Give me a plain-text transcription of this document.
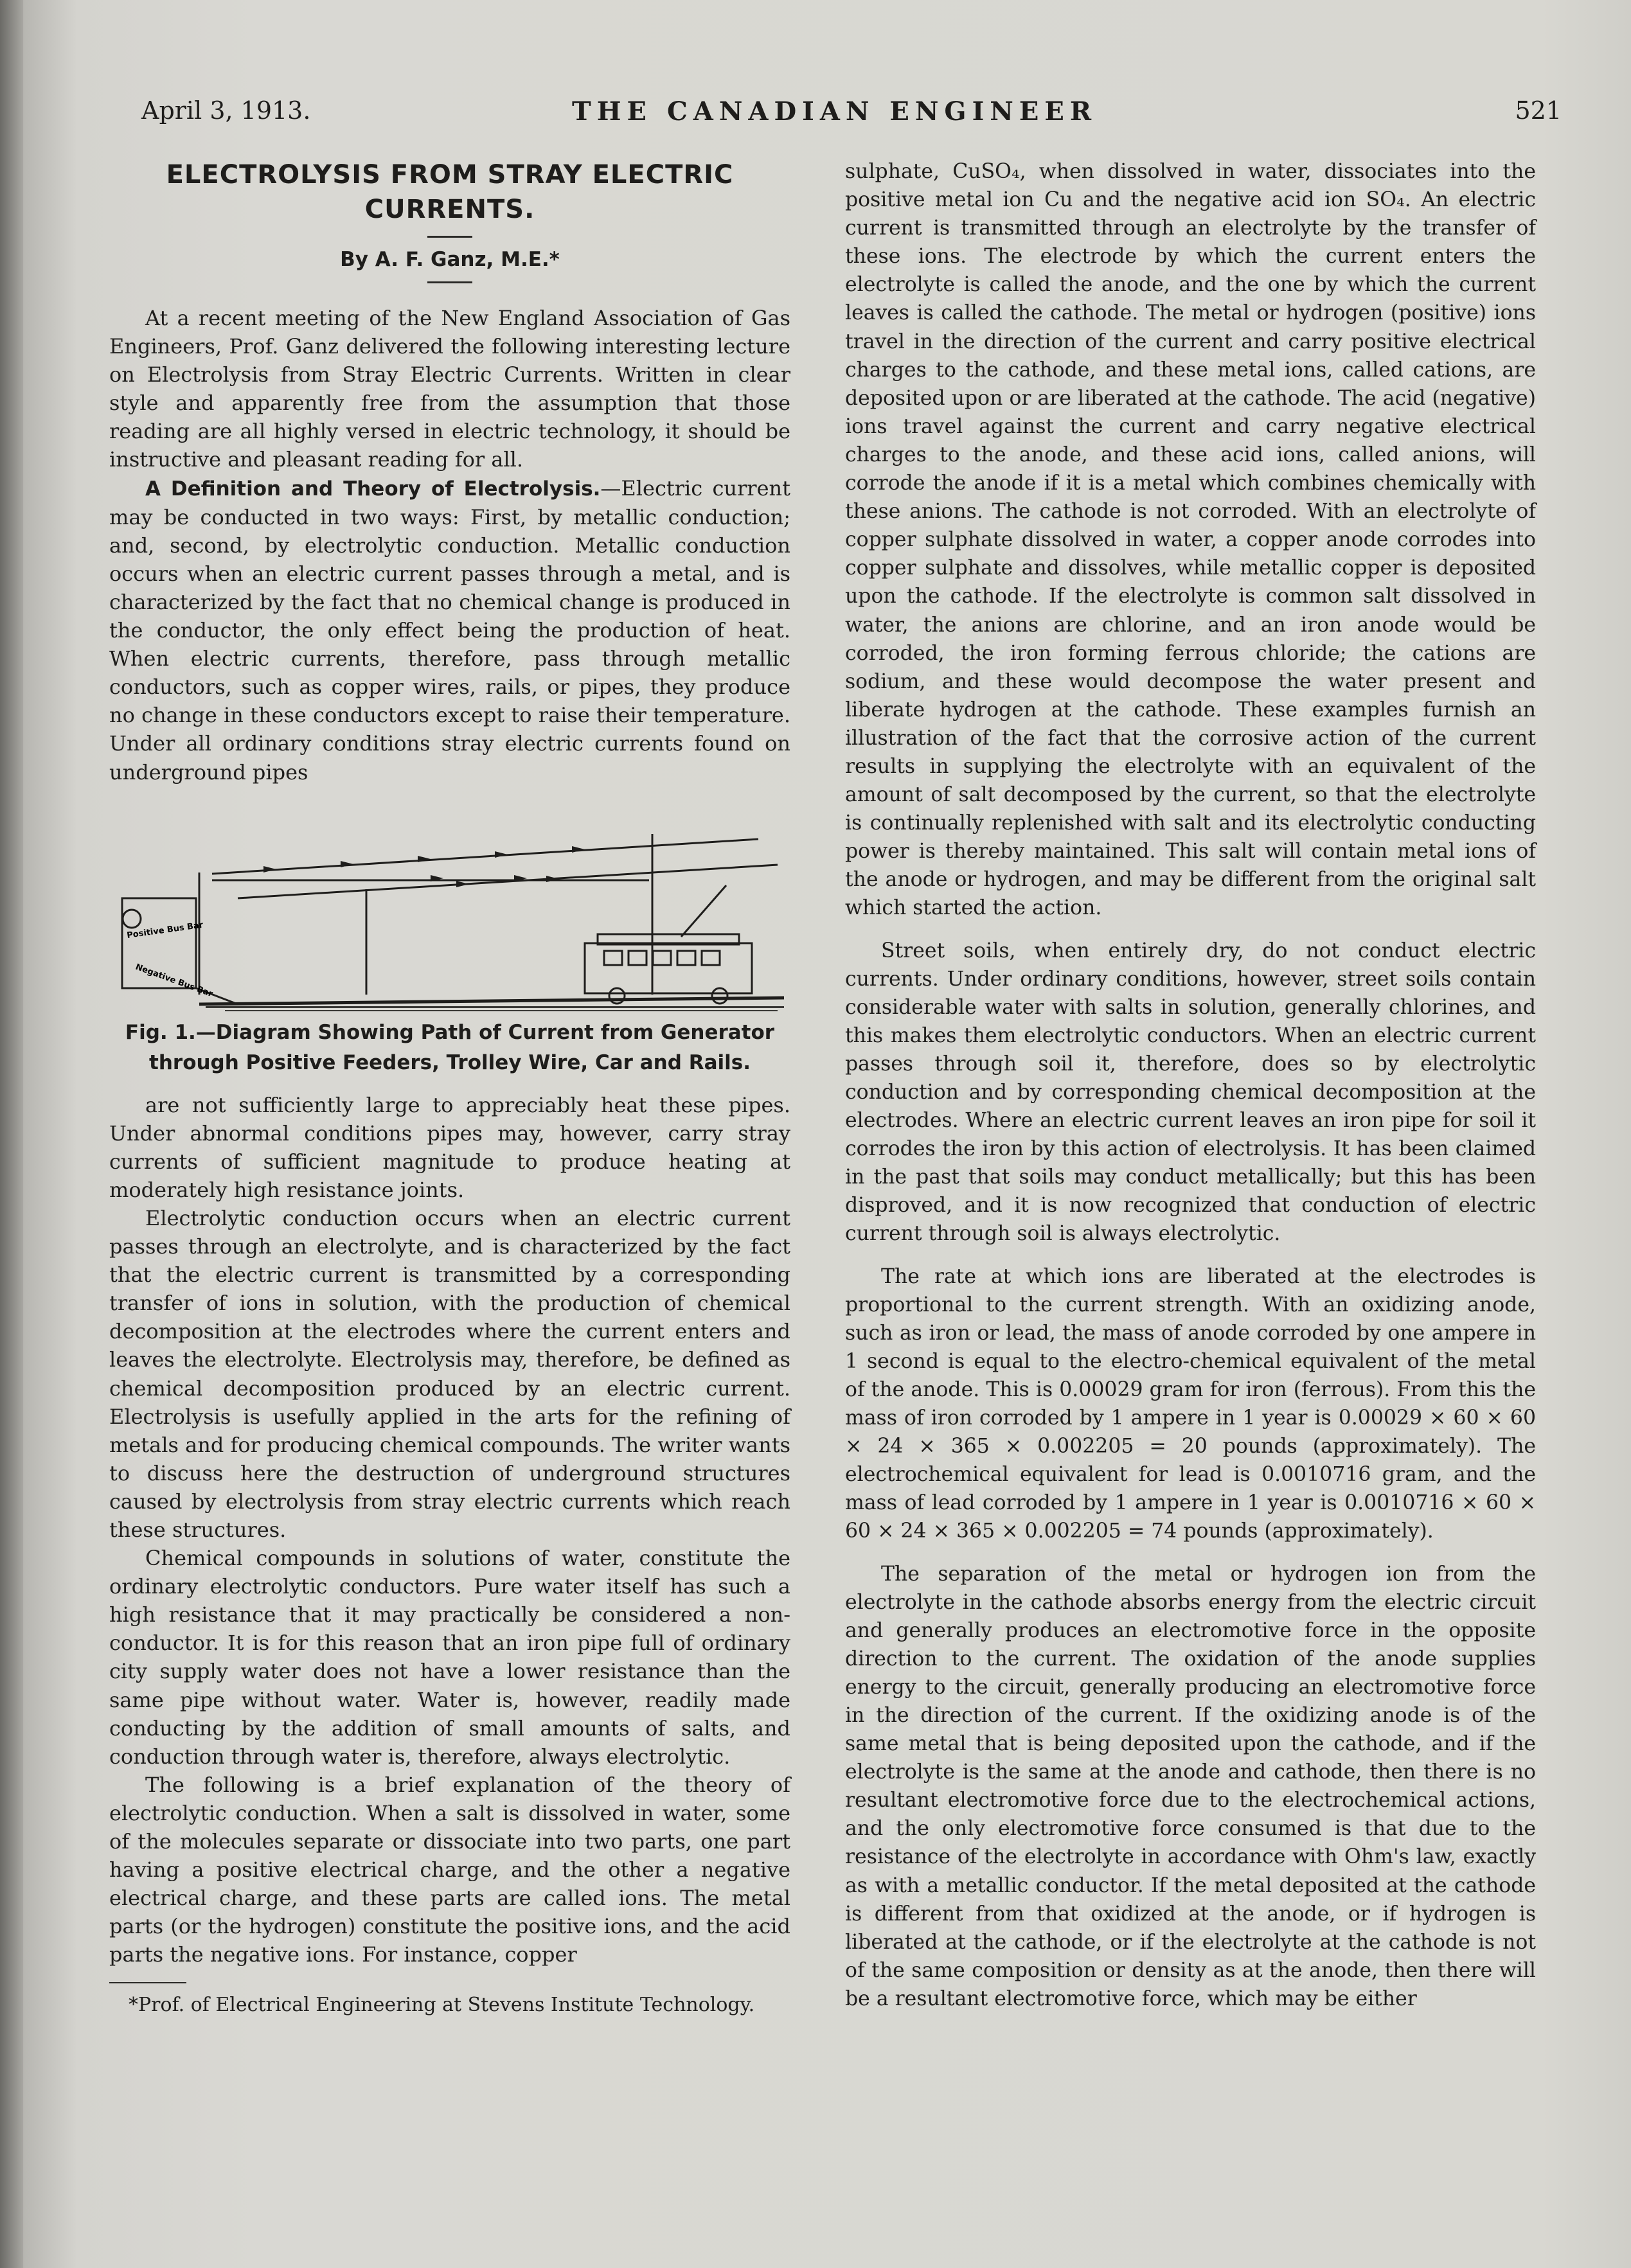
April 3, 1913.	THE CANADIAN ENGINEER	521
ELECTROLYSIS FROM STRAY ELECTRIC
CURRENTS.
By A. F. Ganz, M.E.*

At a recent meeting of the New England Association of Gas Engineers, Prof. Ganz delivered the following interesting lecture on Electrolysis from Stray Electric Currents. Written in clear style and apparently free from the assumption that those reading are all highly versed in electric technology, it should be instructive and pleasant reading for all.

A Definition and Theory of Electrolysis.—Electric current may be conducted in two ways: First, by metallic conduction; and, second, by electrolytic conduction. Metallic conduction occurs when an electric current passes through a metal, and is characterized by the fact that no chemical change is produced in the conductor, the only effect being the production of heat. When electric currents, therefore, pass through metallic conductors, such as copper wires, rails, or pipes, they produce no change in these conductors except to raise their temperature. Under all ordinary conditions stray electric currents found on underground pipes

Positive Bus Bar
Negative Bus Bar
Fig. 1.—Diagram Showing Path of Current from Generator through Positive Feeders, Trolley Wire, Car and Rails.

are not sufficiently large to appreciably heat these pipes. Under abnormal conditions pipes may, however, carry stray currents of sufficient magnitude to produce heating at moderately high resistance joints.

Electrolytic conduction occurs when an electric current passes through an electrolyte, and is characterized by the fact that the electric current is transmitted by a corresponding transfer of ions in solution, with the production of chemical decomposition at the electrodes where the current enters and leaves the electrolyte. Electrolysis may, therefore, be defined as chemical decomposition produced by an electric current. Electrolysis is usefully applied in the arts for the refining of metals and for producing chemical compounds. The writer wants to discuss here the destruction of underground structures caused by electrolysis from stray electric currents which reach these structures.

Chemical compounds in solutions of water, constitute the ordinary electrolytic conductors. Pure water itself has such a high resistance that it may practically be considered a non-conductor. It is for this reason that an iron pipe full of ordinary city supply water does not have a lower resistance than the same pipe without water. Water is, however, readily made conducting by the addition of small amounts of salts, and conduction through water is, therefore, always electrolytic.

The following is a brief explanation of the theory of electrolytic conduction. When a salt is dissolved in water, some of the molecules separate or dissociate into two parts, one part having a positive electrical charge, and the other a negative electrical charge, and these parts are called ions. The metal parts (or the hydrogen) constitute the positive ions, and the acid parts the negative ions. For instance, copper

*Prof. of Electrical Engineering at Stevens Institute Technology.

sulphate, CuSO₄, when dissolved in water, dissociates into the positive metal ion Cu and the negative acid ion SO₄. An electric current is transmitted through an electrolyte by the transfer of these ions. The electrode by which the current enters the electrolyte is called the anode, and the one by which the current leaves is called the cathode. The metal or hydrogen (positive) ions travel in the direction of the current and carry positive electrical charges to the cathode, and these metal ions, called cations, are deposited upon or are liberated at the cathode. The acid (negative) ions travel against the current and carry negative electrical charges to the anode, and these acid ions, called anions, will corrode the anode if it is a metal which combines chemically with these anions. The cathode is not corroded. With an electrolyte of copper sulphate dissolved in water, a copper anode corrodes into copper sulphate and dissolves, while metallic copper is deposited upon the cathode. If the electrolyte is common salt dissolved in water, the anions are chlorine, and an iron anode would be corroded, the iron forming ferrous chloride; the cations are sodium, and these would decompose the water present and liberate hydrogen at the cathode. These examples furnish an illustration of the fact that the corrosive action of the current results in supplying the electrolyte with an equivalent of the amount of salt decomposed by the current, so that the electrolyte is continually replenished with salt and its electrolytic conducting power is thereby maintained. This salt will contain metal ions of the anode or hydrogen, and may be different from the original salt which started the action.

Street soils, when entirely dry, do not conduct electric currents. Under ordinary conditions, however, street soils contain considerable water with salts in solution, generally chlorines, and this makes them electrolytic conductors. When an electric current passes through soil it, therefore, does so by electrolytic conduction and by corresponding chemical decomposition at the electrodes. Where an electric current leaves an iron pipe for soil it corrodes the iron by this action of electrolysis. It has been claimed in the past that soils may conduct metallically; but this has been disproved, and it is now recognized that conduction of electric current through soil is always electrolytic.

The rate at which ions are liberated at the electrodes is proportional to the current strength. With an oxidizing anode, such as iron or lead, the mass of anode corroded by one ampere in 1 second is equal to the electro-chemical equivalent of the metal of the anode. This is 0.00029 gram for iron (ferrous). From this the mass of iron corroded by 1 ampere in 1 year is 0.00029 × 60 × 60 × 24 × 365 × 0.002205 = 20 pounds (approximately). The electrochemical equivalent for lead is 0.0010716 gram, and the mass of lead corroded by 1 ampere in 1 year is 0.0010716 × 60 × 60 × 24 × 365 × 0.002205 = 74 pounds (approximately).

The separation of the metal or hydrogen ion from the electrolyte in the cathode absorbs energy from the electric circuit and generally produces an electromotive force in the opposite direction to the current. The oxidation of the anode supplies energy to the circuit, generally producing an electromotive force in the direction of the current. If the oxidizing anode is of the same metal that is being deposited upon the cathode, and if the electrolyte is the same at the anode and cathode, then there is no resultant electromotive force due to the electrochemical actions, and the only electromotive force consumed is that due to the resistance of the electrolyte in accordance with Ohm's law, exactly as with a metallic conductor. If the metal deposited at the cathode is different from that oxidized at the anode, or if hydrogen is liberated at the cathode, or if the electrolyte at the cathode is not of the same composition or density as at the anode, then there will be a resultant electromotive force, which may be either
